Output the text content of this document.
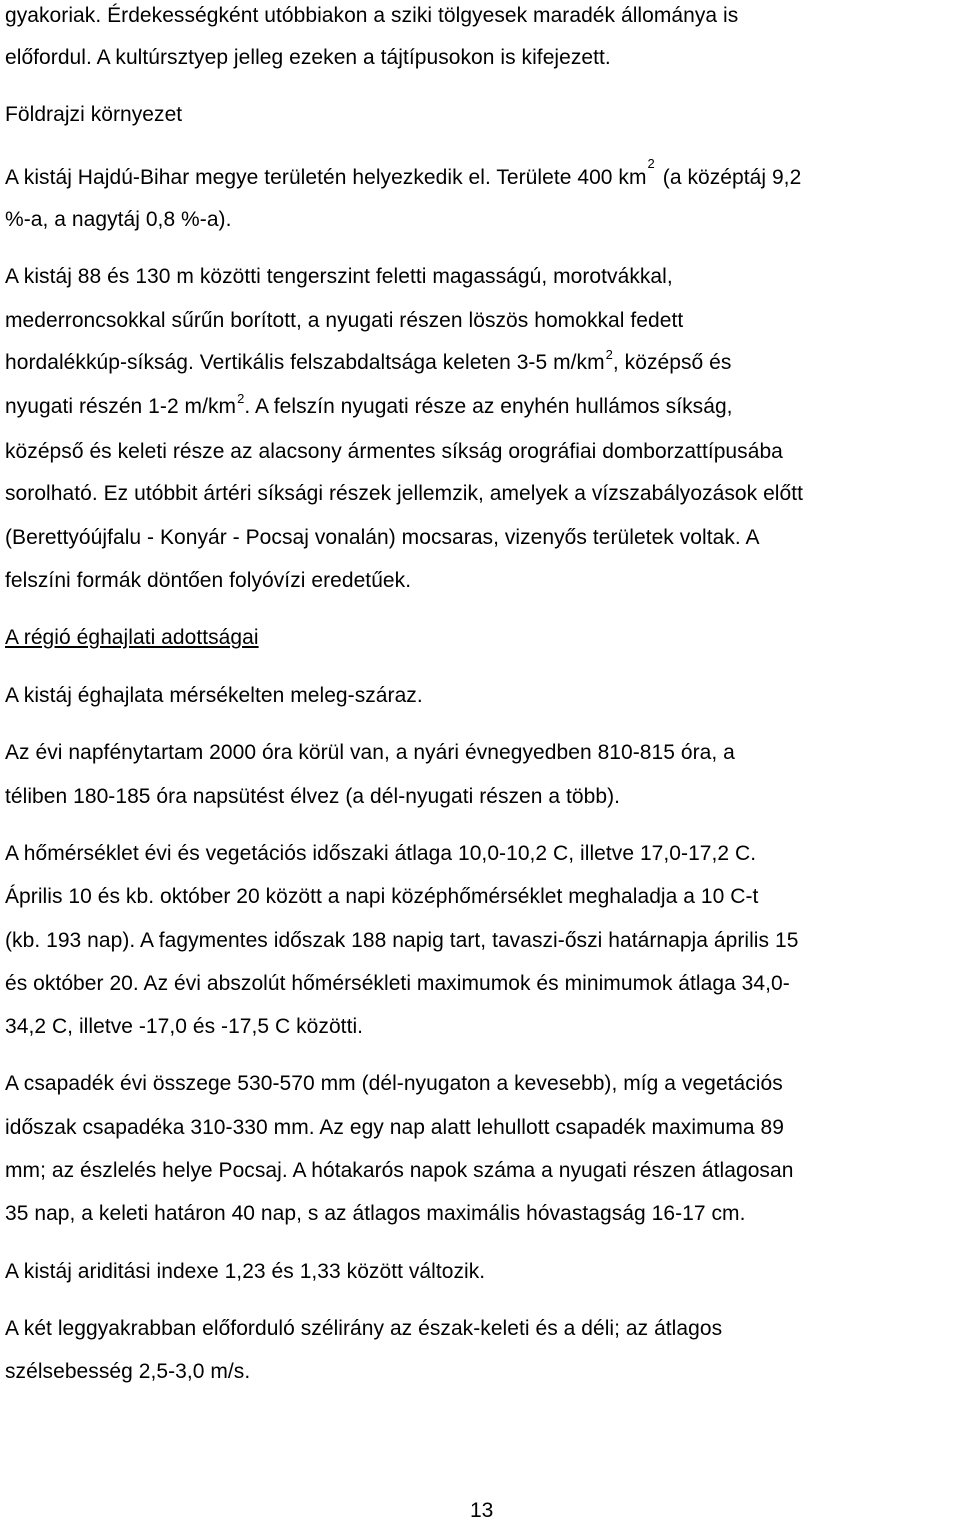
gyakoriak. Érdekességként utóbbiakon a sziki tölgyesek maradék állománya is
előfordul. A kultúrsztyep jelleg ezeken a tájtípusokon is kifejezett.
Földrajzi környezet
A kistáj Hajdú-Bihar megye területén helyezkedik el. Területe 400 $km^2(a$ középtáj 9,2
%-a, a nagytáj 0,8 %-a).
A kistáj 88 és 130 m közötti tengerszint feletti magasságú, morotvákkal,
mederroncsokkal sűrűn borított, a nyugati részen löszös homokkal fedett
hordalékkúp-síkság. Vertikális felszabdaltsága keleten 3-5 $m/km^2$, középső és
nyugati részén 1-2 $m/km^2$. A felszín nyugati része az enyhén hullámos síkság,
középső és keleti része az alacsony ármentes síkság orográfiai domborzattípusába
sorolható. Ez utóbbit ártéri síksági részek jellemzik, amelyek a vízszabályozások előtt
(Berettyóújfalu - Konyár - Pocsaj vonalán) mocsaras, vizenyős területek voltak. A
felszíni formák döntően folyóvízi eredetűek.
A régió éghajlati adottságai
A kistáj éghajlata mérsékelten meleg-száraz.
Az évi napfénytartam 2000 óra körül van, a nyári évnegyedben 810-815 óra, a
téliben 180-185 óra napsütést élvez (a dél-nyugati részen a több).
A hőmérséklet évi és vegetációs időszaki átlaga 10,0-10,2 C, illetve 17,0-17,2 C.
Április 10 és kb. október 20 között a napi középhőmérséklet meghaladja a 10 C-t
(kb. 193 nap). A fagymentes időszak 188 napig tart, tavaszi-őszi határnapja április 15
és október 20. Az évi abszolút hőmérsékleti maximumok és minimumok átlaga 34,0-
34,2 C, illetve -17,0 és -17,5 C közötti.
A csapadék évi összege 530-570 mm (dél-nyugaton a kevesebb), míg a vegetációs
időszak csapadéka 310-330 mm. Az egy nap alatt lehullott csapadék maximuma 89
mm; az észlelés helye Pocsaj. A hótakarós napok száma a nyugati részen átlagosan
35 nap, a keleti határon 40 nap, s az átlagos maximális hóvastagság 16-17 cm.
A kistáj ariditási indexe 1,23 és 1,33 között változik.
A két leggyakrabban előforduló szélirány az észak-keleti és a déli; az átlagos
szélsebesség 2,5-3,0 m/s.
13
